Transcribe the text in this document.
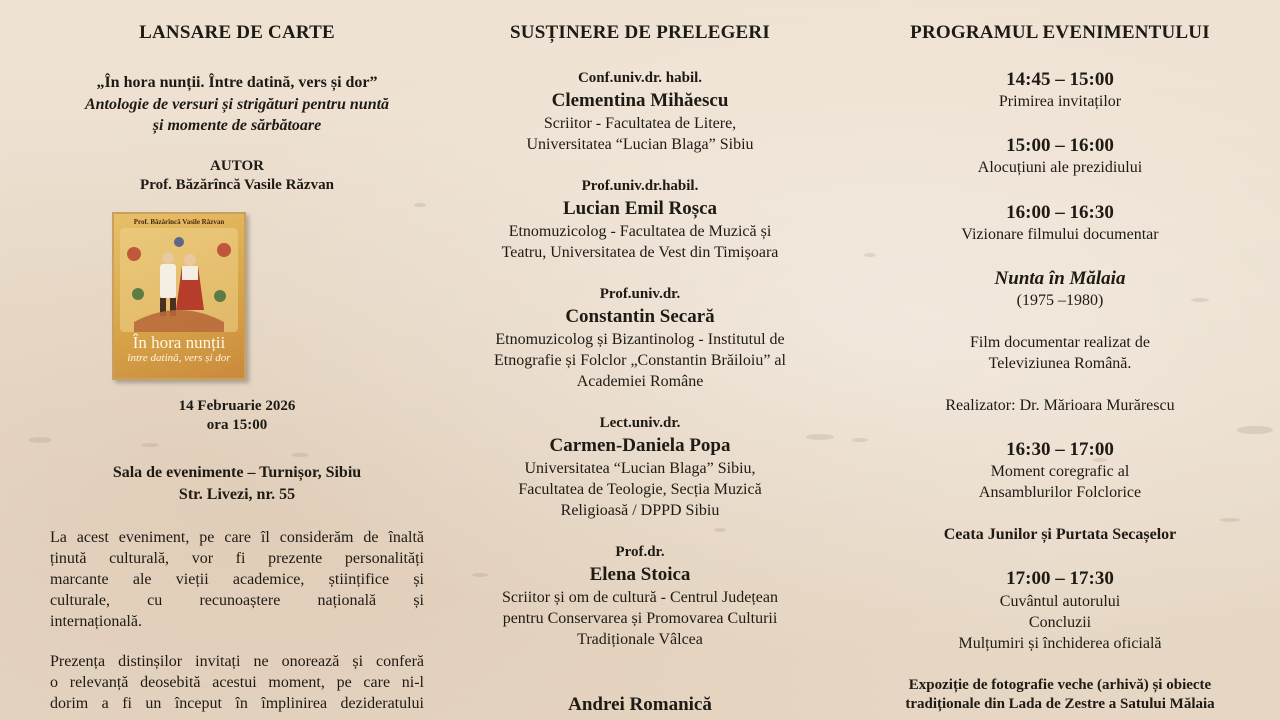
LANSARE DE CARTE
„În hora nunții. Între datină, vers și dor”
Antologie de versuri și strigături pentru nuntă
și momente de sărbătoare
AUTOR
Prof. Băzărîncă Vasile Răzvan
14 Februarie 2026
ora 15:00
Sala de evenimente – Turnișor, Sibiu
Str. Livezi, nr. 55
La acest eveniment, pe care îl considerăm de înaltă
ținută culturală, vor fi prezente personalități
marcante ale vieții academice, științifice și
culturale, cu recunoaștere națională și
internațională.
Prezența distinșilor invitați ne onorează și conferă
o relevanță deosebită acestui moment, pe care ni-l
dorim a fi un început în împlinirea dezideratului
Prof. Băzărîncă Vasile Răzvan
În hora nunții
între datină, vers și dor
SUSȚINERE DE PRELEGERI
Conf.univ.dr. habil.
Clementina Mihăescu
Scriitor - Facultatea de Litere,
Universitatea “Lucian Blaga” Sibiu
Prof.univ.dr.habil.
Lucian Emil Roșca
Etnomuzicolog - Facultatea de Muzică și
Teatru, Universitatea de Vest din Timișoara
Prof.univ.dr.
Constantin Secară
Etnomuzicolog și Bizantinolog - Institutul de
Etnografie și Folclor „Constantin Brăiloiu” al
Academiei Române
Lect.univ.dr.
Carmen-Daniela Popa
Universitatea “Lucian Blaga” Sibiu,
Facultatea de Teologie, Secția Muzică
Religioasă / DPPD Sibiu
Prof.dr.
Elena Stoica
Scriitor și om de cultură - Centrul Județean
pentru Conservarea și Promovarea Culturii
Tradiționale Vâlcea
Andrei Romanică
PROGRAMUL EVENIMENTULUI
14:45 – 15:00
Primirea invitaților
15:00 – 16:00
Alocuțiuni ale prezidiului
16:00 – 16:30
Vizionare filmului documentar
Nunta în Mălaia
(1975 –1980)
Film documentar realizat de
Televiziunea Română.
Realizator: Dr. Mărioara Murărescu
16:30 – 17:00
Moment coregrafic al
Ansamblurilor Folclorice
Ceata Junilor și Purtata Secașelor
17:00 – 17:30
Cuvântul autorului
Concluzii
Mulțumiri și închiderea oficială
Expoziție de fotografie veche (arhivă) și obiecte
tradiționale din Lada de Zestre a Satului Mălaia
